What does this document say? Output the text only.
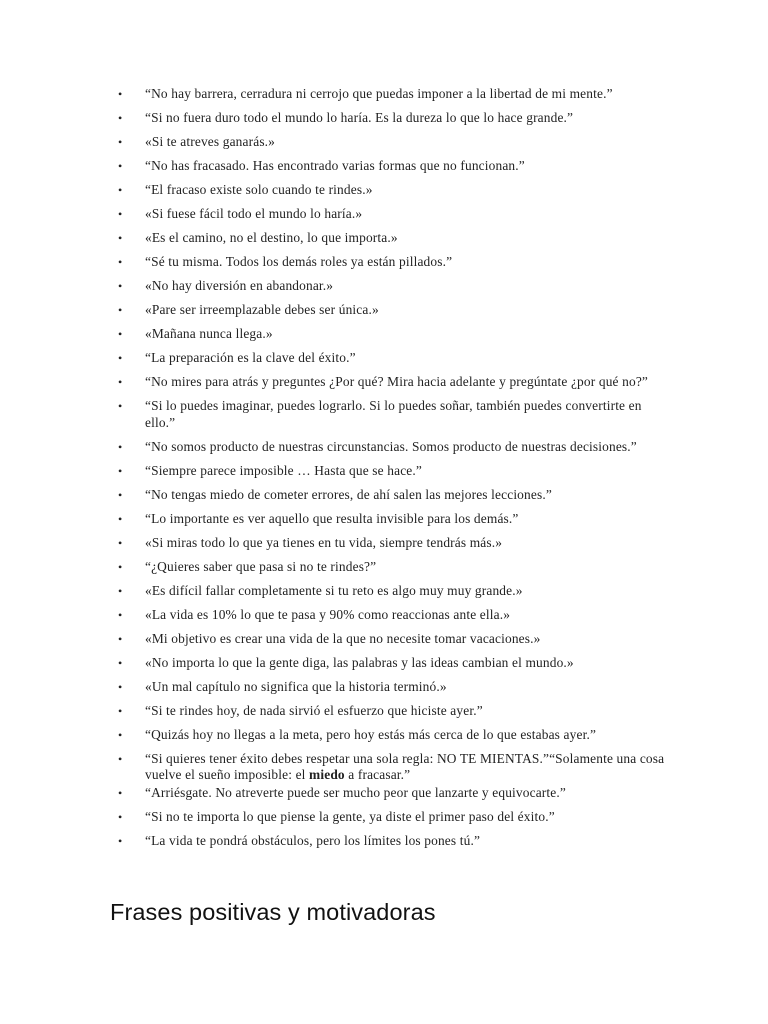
• “No hay barrera, cerradura ni cerrojo que puedas imponer a la libertad de mi mente.”
• “Si no fuera duro todo el mundo lo haría. Es la dureza lo que lo hace grande.”
• «Si te atreves ganarás.»
• “No has fracasado. Has encontrado varias formas que no funcionan.”
• “El fracaso existe solo cuando te rindes.»
• «Si fuese fácil todo el mundo lo haría.»
• «Es el camino, no el destino, lo que importa.»
• “Sé tu misma. Todos los demás roles ya están pillados.”
• «No hay diversión en abandonar.»
• «Pare ser irreemplazable debes ser única.»
• «Mañana nunca llega.»
• “La preparación es la clave del éxito.”
• “No mires para atrás y preguntes ¿Por qué? Mira hacia adelante y pregúntate ¿por qué no?”
• “Si lo puedes imaginar, puedes lograrlo. Si lo puedes soñar, también puedes convertirte en ello.”
• “No somos producto de nuestras circunstancias. Somos producto de nuestras decisiones.”
• “Siempre parece imposible … Hasta que se hace.”
• “No tengas miedo de cometer errores, de ahí salen las mejores lecciones.”
• “Lo importante es ver aquello que resulta invisible para los demás.”
• «Si miras todo lo que ya tienes en tu vida, siempre tendrás más.»
• “¿Quieres saber que pasa si no te rindes?”
• «Es difícil fallar completamente si tu reto es algo muy muy grande.»
• «La vida es 10% lo que te pasa y 90% como reaccionas ante ella.»
• «Mi objetivo es crear una vida de la que no necesite tomar vacaciones.»
• «No importa lo que la gente diga, las palabras y las ideas cambian el mundo.»
• «Un mal capítulo no significa que la historia terminó.»
• “Si te rindes hoy, de nada sirvió el esfuerzo que hiciste ayer.”
• “Quizás hoy no llegas a la meta, pero hoy estás más cerca de lo que estabas ayer.”
• “Si quieres tener éxito debes respetar una sola regla: NO TE MIENTAS.”“Solamente una cosa vuelve el sueño imposible: el miedo a fracasar.”
• “Arriésgate. No atreverte puede ser mucho peor que lanzarte y equivocarte.”
• “Si no te importa lo que piense la gente, ya diste el primer paso del éxito.”
• “La vida te pondrá obstáculos, pero los límites los pones tú.”
Frases positivas y motivadoras
